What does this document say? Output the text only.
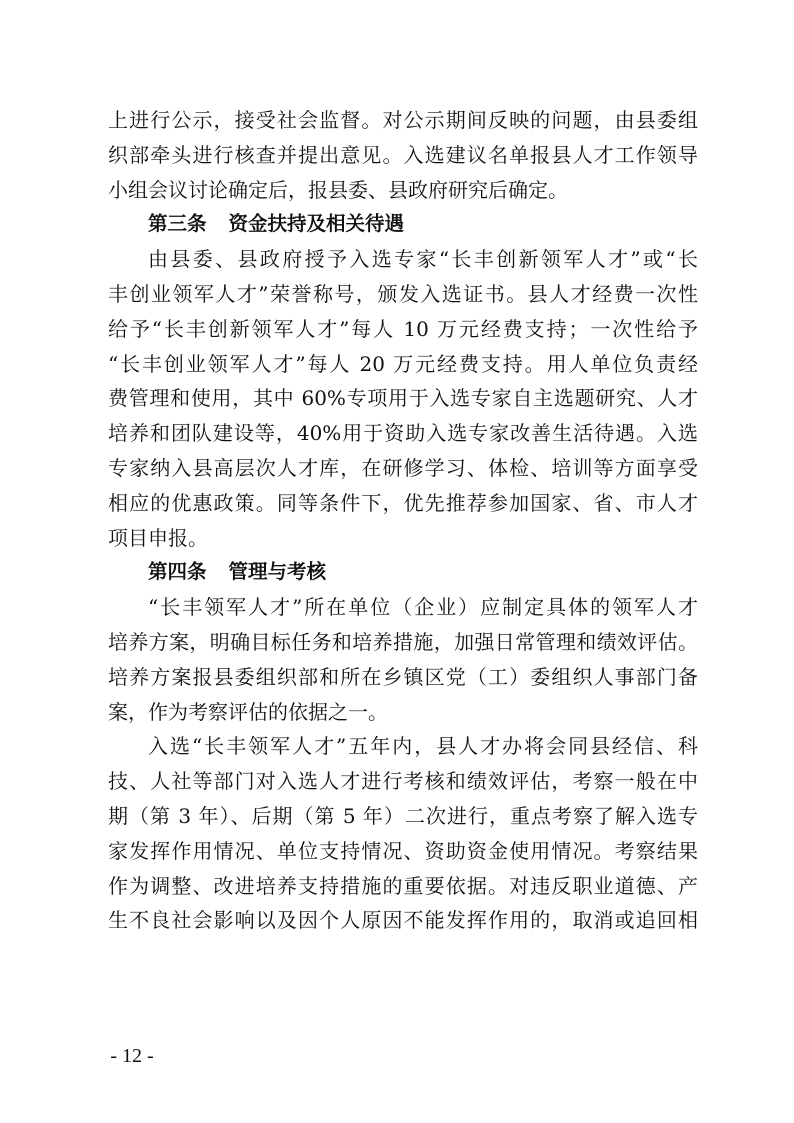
上进行公示，接受社会监督。对公示期间反映的问题，由县委组
织部牵头进行核查并提出意见。入选建议名单报县人才工作领导
小组会议讨论确定后，报县委、县政府研究后确定。
第三条 资金扶持及相关待遇
由县委、县政府授予入选专家“长丰创新领军人才”或“长
丰创业领军人才”荣誉称号，颁发入选证书。县人才经费一次性
给予“长丰创新领军人才”每人 10 万元经费支持；一次性给予
“长丰创业领军人才”每人 20 万元经费支持。用人单位负责经
费管理和使用，其中 60%专项用于入选专家自主选题研究、人才
培养和团队建设等，40%用于资助入选专家改善生活待遇。入选
专家纳入县高层次人才库，在研修学习、体检、培训等方面享受
相应的优惠政策。同等条件下，优先推荐参加国家、省、市人才
项目申报。
第四条 管理与考核
“长丰领军人才”所在单位（企业）应制定具体的领军人才
培养方案，明确目标任务和培养措施，加强日常管理和绩效评估。
培养方案报县委组织部和所在乡镇区党（工）委组织人事部门备
案，作为考察评估的依据之一。
入选“长丰领军人才”五年内，县人才办将会同县经信、科
技、人社等部门对入选人才进行考核和绩效评估，考察一般在中
期（第 3 年）、后期（第 5 年）二次进行，重点考察了解入选专
家发挥作用情况、单位支持情况、资助资金使用情况。考察结果
作为调整、改进培养支持措施的重要依据。对违反职业道德、产
生不良社会影响以及因个人原因不能发挥作用的，取消或追回相
- 12 -
